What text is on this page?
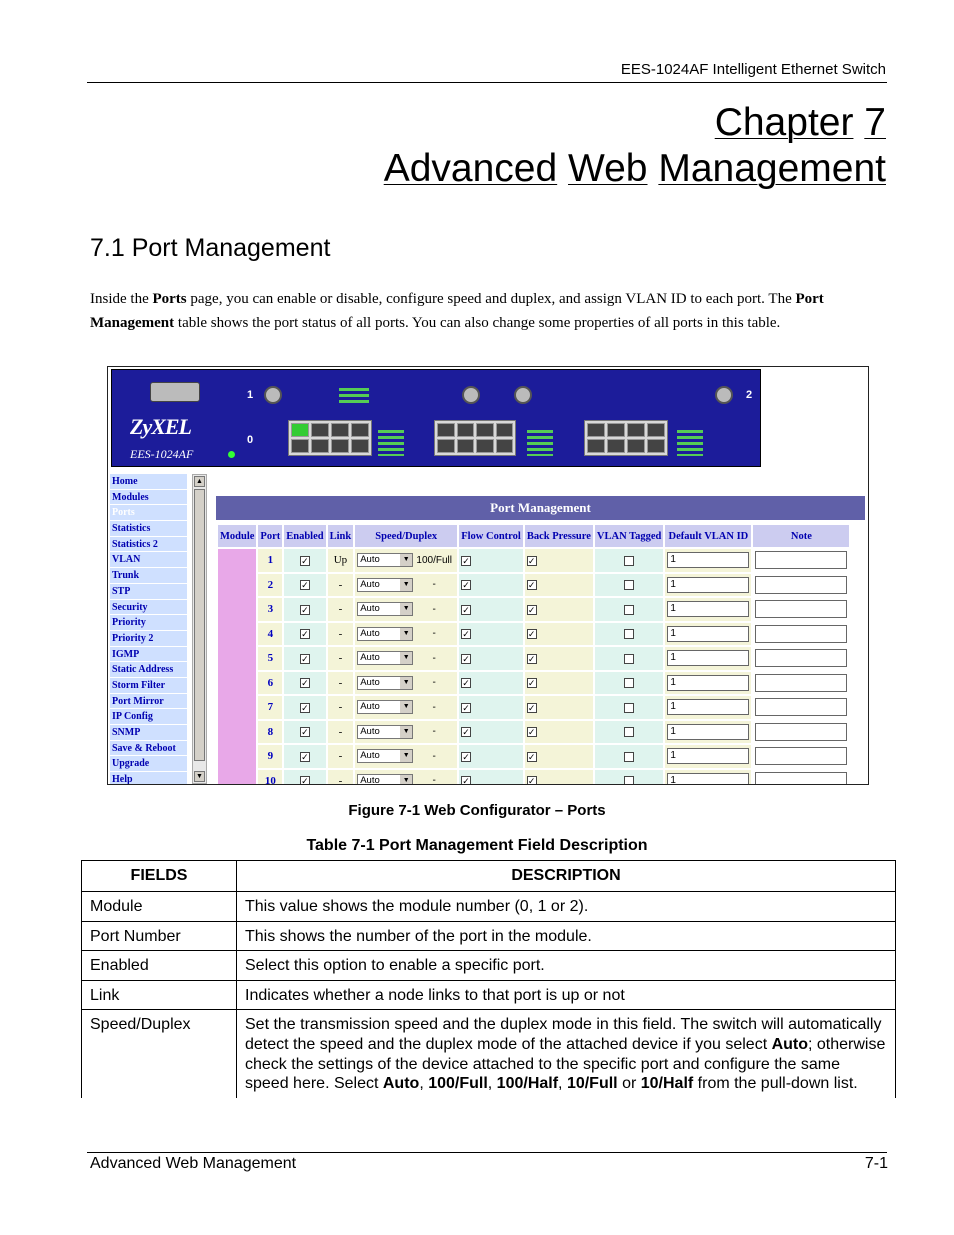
EES-1024AF Intelligent Ethernet Switch
Chapter 7
Advanced Web Management
7.1 Port Management
Inside the Ports page, you can enable or disable, configure speed and duplex, and assign VLAN ID to each port. The Port Management table shows the port status of all ports. You can also change some properties of all ports in this table.
ZyXEL
EES-1024AF
1
0
2
Home
Modules
Ports
Statistics
Statistics 2
VLAN
Trunk
STP
Security
Priority
Priority 2
IGMP
Static Address
Storm Filter
Port Mirror
IP Config
SNMP
Save & Reboot
Upgrade
Help
▲
▼
Port Management
Module	Port	Enabled	Link	Speed/Duplex	Flow Control	Back Pressure	VLAN Tagged	Default VLAN ID	Note
	1	✓	Up	Auto ▼ 100/Full	✓	✓		1	
	2	✓	-	Auto ▼ -	✓	✓		1	
	3	✓	-	Auto ▼ -	✓	✓		1	
	4	✓	-	Auto ▼ -	✓	✓		1	
	5	✓	-	Auto ▼ -	✓	✓		1	
	6	✓	-	Auto ▼ -	✓	✓		1	
	7	✓	-	Auto ▼ -	✓	✓		1	
	8	✓	-	Auto ▼ -	✓	✓		1	
	9	✓	-	Auto ▼ -	✓	✓		1	
	10	✓	-	Auto ▼ -	✓	✓		1	
Figure 7-1 Web Configurator – Ports
Table 7-1 Port Management Field Description
FIELDS	DESCRIPTION
Module	This value shows the module number (0, 1 or 2).
Port Number	This shows the number of the port in the module.
Enabled	Select this option to enable a specific port.
Link	Indicates whether a node links to that port is up or not
Speed/Duplex	Set the transmission speed and the duplex mode in this field. The switch will automatically detect the speed and the duplex mode of the attached device if you select Auto; otherwise check the settings of the device attached to the specific port and configure the same speed here. Select Auto, 100/Full, 100/Half, 10/Full or 10/Half from the pull-down list.
Advanced Web Management	7-1
